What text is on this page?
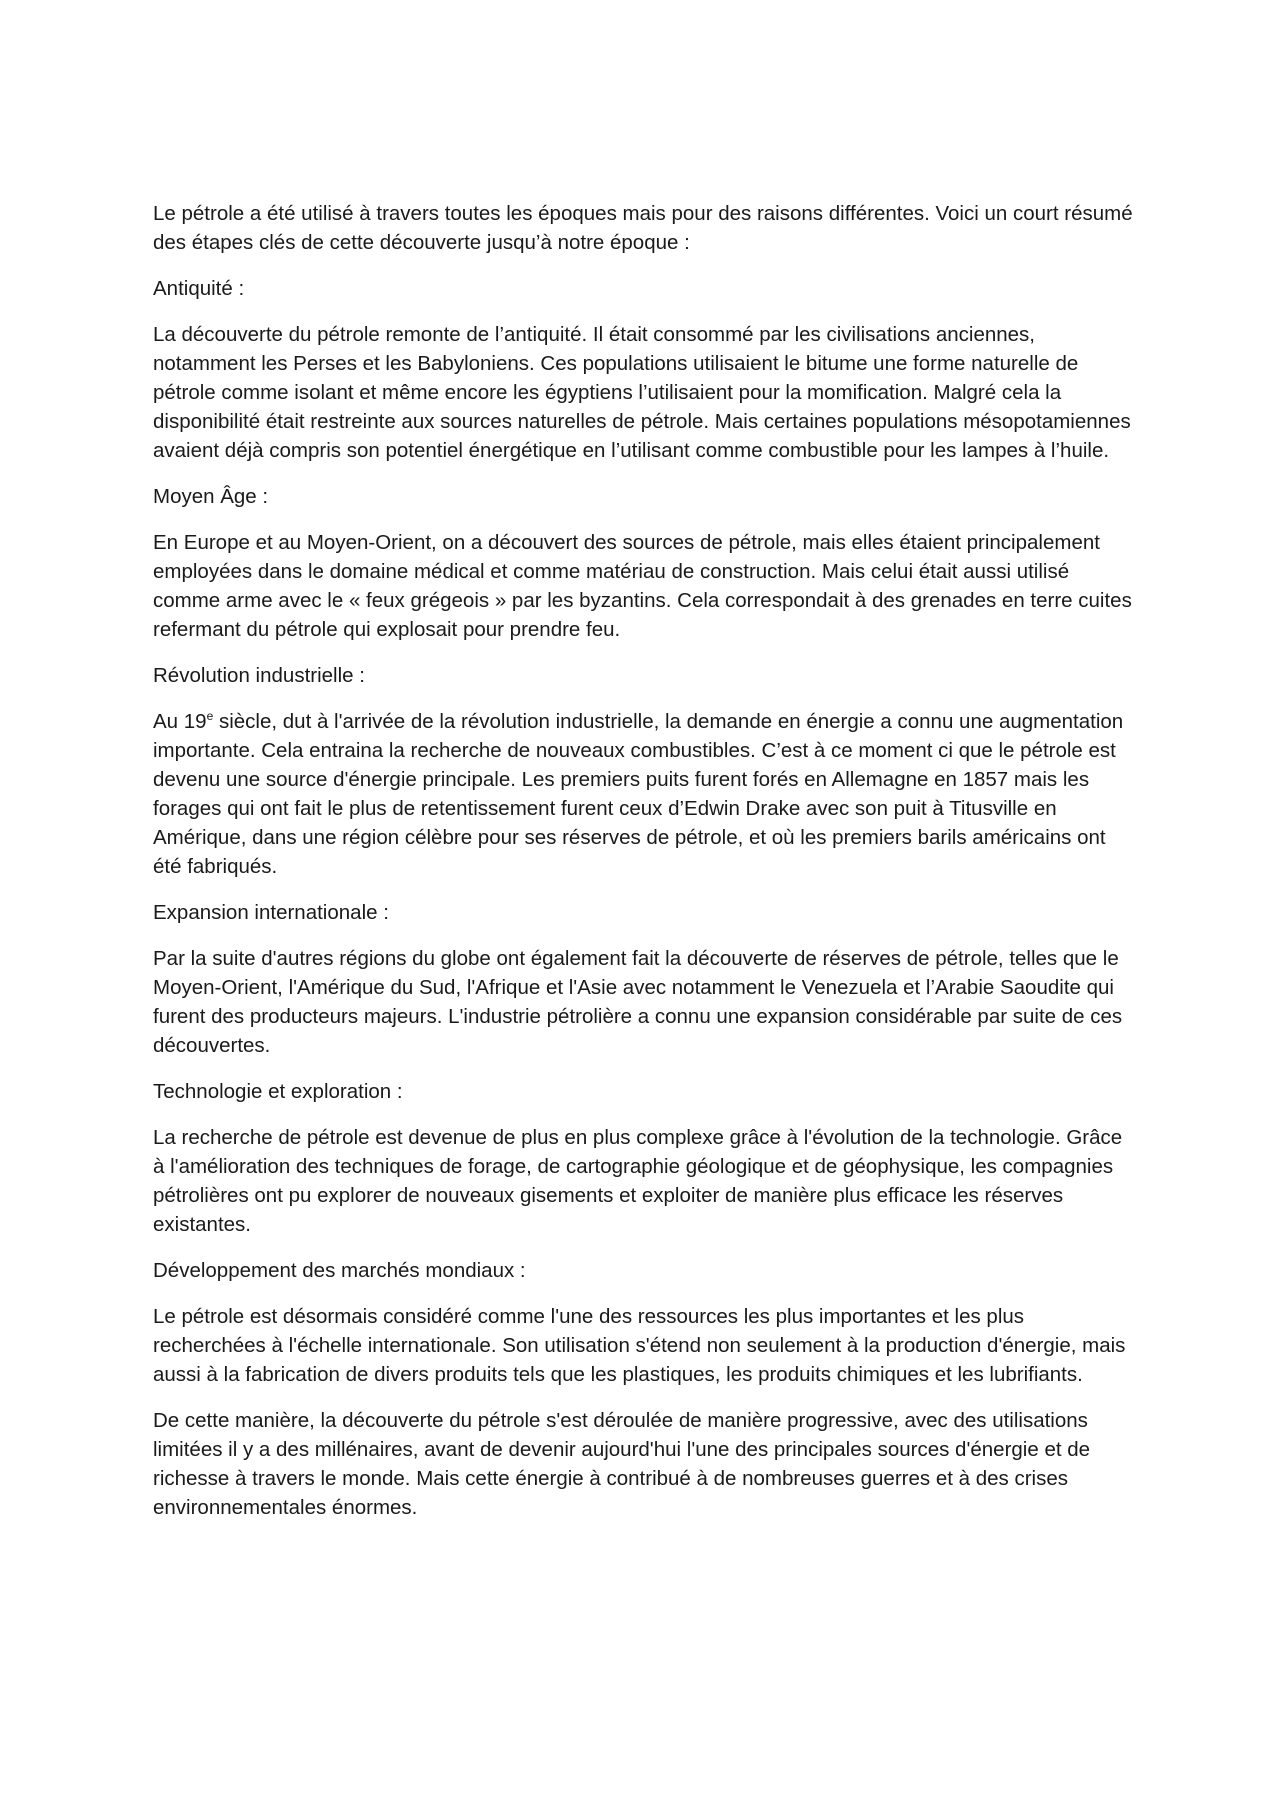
Le pétrole a été utilisé à travers toutes les époques mais pour des raisons différentes. Voici un court résumé des étapes clés de cette découverte jusqu’à notre époque :

Antiquité :

La découverte du pétrole remonte de l’antiquité. Il était consommé par les civilisations anciennes, notamment les Perses et les Babyloniens. Ces populations utilisaient le bitume une forme naturelle de pétrole comme isolant et même encore les égyptiens l’utilisaient pour la momification. Malgré cela la disponibilité était restreinte aux sources naturelles de pétrole. Mais certaines populations mésopotamiennes avaient déjà compris son potentiel énergétique en l’utilisant comme combustible pour les lampes à l’huile.

Moyen Âge :

En Europe et au Moyen-Orient, on a découvert des sources de pétrole, mais elles étaient principalement employées dans le domaine médical et comme matériau de construction. Mais celui était aussi utilisé comme arme avec le « feux grégeois » par les byzantins. Cela correspondait à des grenades en terre cuites refermant du pétrole qui explosait pour prendre feu.

Révolution industrielle :

Au 19e siècle, dut à l'arrivée de la révolution industrielle, la demande en énergie a connu une augmentation importante. Cela entraina la recherche de nouveaux combustibles. C’est à ce moment ci que le pétrole est devenu une source d'énergie principale. Les premiers puits furent forés en Allemagne en 1857 mais les forages qui ont fait le plus de retentissement furent ceux d’Edwin Drake avec son puit à Titusville en Amérique, dans une région célèbre pour ses réserves de pétrole, et où les premiers barils américains ont été fabriqués.

Expansion internationale :

Par la suite d'autres régions du globe ont également fait la découverte de réserves de pétrole, telles que le Moyen-Orient, l'Amérique du Sud, l'Afrique et l'Asie avec notamment le Venezuela et l’Arabie Saoudite qui furent des producteurs majeurs. L'industrie pétrolière a connu une expansion considérable par suite de ces découvertes.

Technologie et exploration :

La recherche de pétrole est devenue de plus en plus complexe grâce à l'évolution de la technologie. Grâce à l'amélioration des techniques de forage, de cartographie géologique et de géophysique, les compagnies pétrolières ont pu explorer de nouveaux gisements et exploiter de manière plus efficace les réserves existantes.

Développement des marchés mondiaux :

Le pétrole est désormais considéré comme l'une des ressources les plus importantes et les plus recherchées à l'échelle internationale. Son utilisation s'étend non seulement à la production d'énergie, mais aussi à la fabrication de divers produits tels que les plastiques, les produits chimiques et les lubrifiants.

De cette manière, la découverte du pétrole s'est déroulée de manière progressive, avec des utilisations limitées il y a des millénaires, avant de devenir aujourd'hui l'une des principales sources d'énergie et de richesse à travers le monde. Mais cette énergie à contribué à de nombreuses guerres et à des crises environnementales énormes.
